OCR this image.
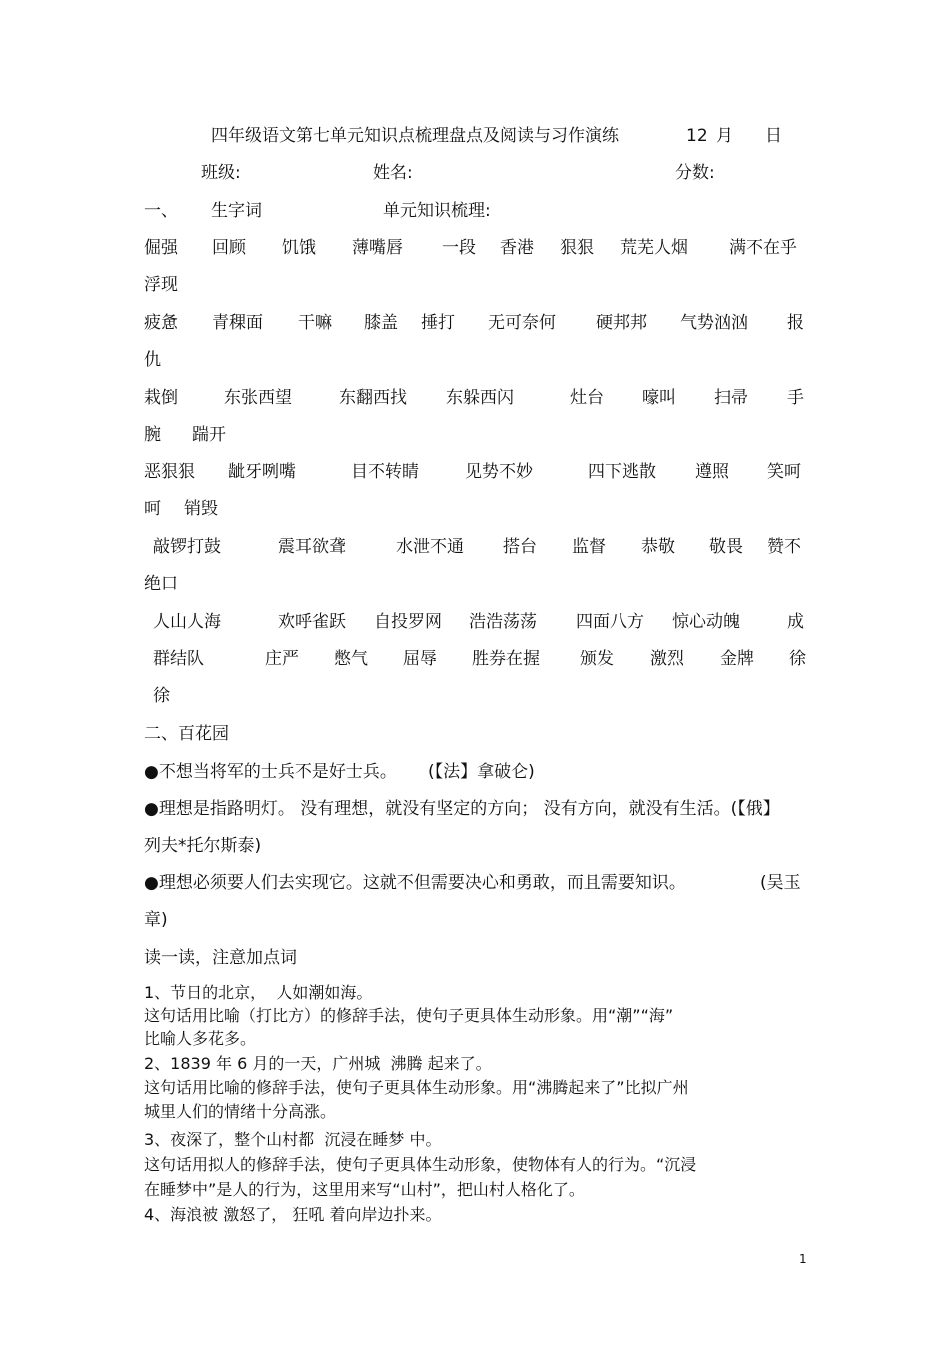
四年级语文第七单元知识点梳理盘点及阅读与习作演练	12 月 日
班级:	姓名:	分数:
一、 生字词	单元知识梳理:
倔强 回顾 饥饿 薄嘴唇 一段 香港 狠狠 荒芜人烟 满不在乎
浮现
疲惫 青稞面 干嘛 膝盖 捶打 无可奈何 硬邦邦 气势汹汹 报
仇
栽倒	东张西望	东翻西找 东躲西闪	灶台 嚎叫 扫帚 手
腕 踹开
恶狠狠 龇牙咧嘴	目不转睛	见势不妙	四下逃散 遵照 笑呵
呵 销毁
敲锣打鼓	震耳欲聋	水泄不通 搭台 监督 恭敬 敬畏 赞不
绝口
人山人海	欢呼雀跃 自投罗网 浩浩荡荡 四面八方 惊心动魄	成
群结队	庄严 憋气 屈辱 胜券在握 颁发 激烈 金牌 徐
徐
二、百花园
●不想当将军的士兵不是好士兵。 (【法】拿破仑)
●理想是指路明灯。 没有理想，就没有坚定的方向； 没有方向，就没有生活。(【俄】
列夫*托尔斯泰)
●理想必须要人们去实现它。这就不但需要决心和勇敢，而且需要知识。	(吴玉
章)
读一读，注意加点词
1、节日的北京，  人如潮如海。
这句话用比喻（打比方）的修辞手法，使句子更具体生动形象。用“潮”“海”
比喻人多花多。
2、1839 年 6 月的一天，广州城  沸腾 起来了。
这句话用比喻的修辞手法，使句子更具体生动形象。用“沸腾起来了”比拟广州
城里人们的情绪十分高涨。
3、夜深了，整个山村都  沉浸在睡梦 中。
这句话用拟人的修辞手法，使句子更具体生动形象，使物体有人的行为。“沉浸
在睡梦中”是人的行为，这里用来写“山村”，把山村人格化了。
4、海浪被 激怒了， 狂吼 着向岸边扑来。
1
